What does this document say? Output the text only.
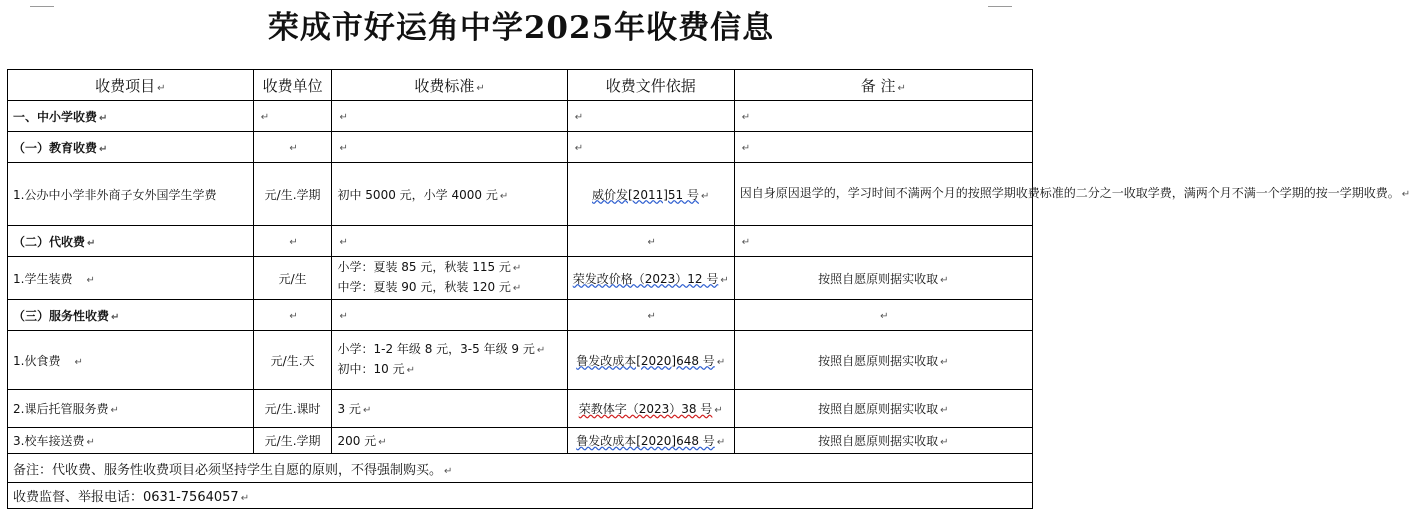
荣成市好运角中学2025年收费信息
收费项目 ↵	收费单位	收费标准 ↵	收费文件依据	备 注 ↵
一、中小学收费 ↵	↵	↵	↵	↵
（一）教育收费 ↵	↵	↵	↵	↵
1.公办中小学非外商子女外国学生学费	元/生.学期	初中 5000 元，小学 4000 元 ↵	威价发[2011]51 号 ↵	因自身原因退学的，学习时间不满两个月的按照学期收费标准的二分之一收取学费，满两个月不满一个学期的按一学期收费。 ↵
（二）代收费 ↵	↵	↵	↵	↵
1.学生装费 ↵	元/生	小学：夏装 85 元，秋装 115 元 ↵
中学：夏装 90 元，秋装 120 元 ↵	荣发改价格（2023）12 号 ↵	按照自愿原则据实收取 ↵
（三）服务性收费 ↵	↵	↵	↵	↵
1.伙食费 ↵	元/生.天	小学：1-2 年级 8 元，3-5 年级 9 元 ↵
初中：10 元 ↵	鲁发改成本[2020]648 号 ↵	按照自愿原则据实收取 ↵
2.课后托管服务费 ↵	元/生.课时	3 元 ↵	荣教体字（2023）38 号 ↵	按照自愿原则据实收取 ↵
3.校车接送费 ↵	元/生.学期	200 元 ↵	鲁发改成本[2020]648 号 ↵	按照自愿原则据实收取 ↵
备注：代收费、服务性收费项目必须坚持学生自愿的原则，不得强制购买。 ↵				
收费监督、举报电话：0631-7564057 ↵				
